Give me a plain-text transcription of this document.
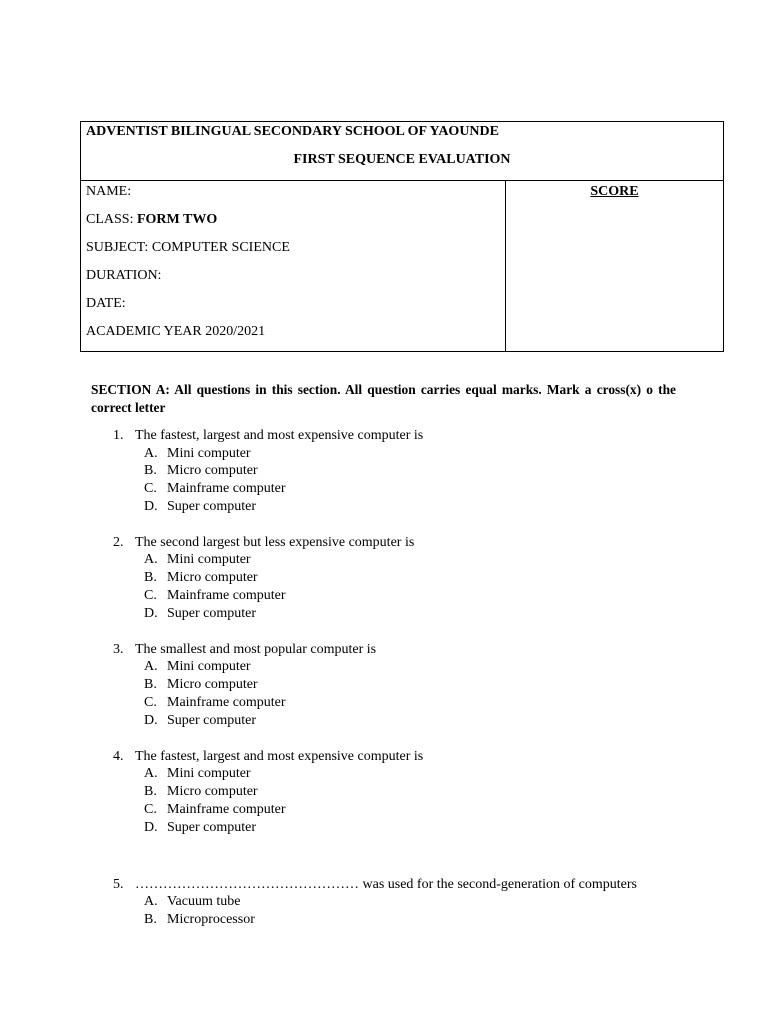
ADVENTIST BILINGUAL SECONDARY SCHOOL OF YAOUNDE
FIRST SEQUENCE EVALUATION
NAME:
CLASS: FORM TWO
SUBJECT: COMPUTER SCIENCE
DURATION:
DATE:
ACADEMIC YEAR 2020/2021
SCORE
SECTION A: All questions in this section. All question carries equal marks. Mark a cross(x) o the correct letter
1. The fastest, largest and most expensive computer is
A. Mini computer
B. Micro computer
C. Mainframe computer
D. Super computer
2. The second largest but less expensive computer is
A. Mini computer
B. Micro computer
C. Mainframe computer
D. Super computer
3. The smallest and most popular computer is
A. Mini computer
B. Micro computer
C. Mainframe computer
D. Super computer
4. The fastest, largest and most expensive computer is
A. Mini computer
B. Micro computer
C. Mainframe computer
D. Super computer
5. ………………………………………… was used for the second-generation of computers
A. Vacuum tube
B. Microprocessor
